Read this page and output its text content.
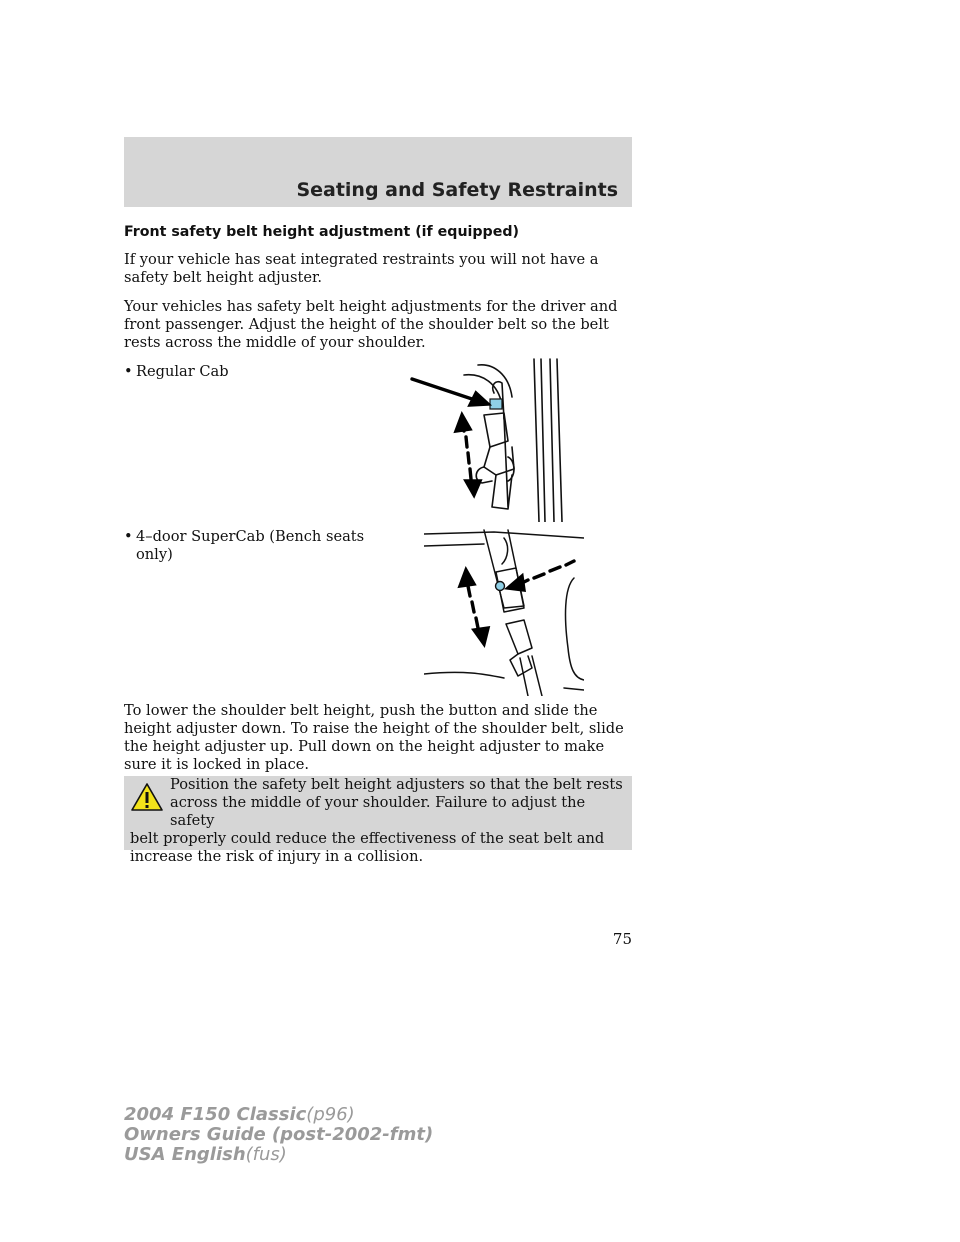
Seating and Safety Restraints
Front safety belt height adjustment (if equipped)

If your vehicle has seat integrated restraints you will not have a safety belt height adjuster.

Your vehicles has safety belt height adjustments for the driver and front passenger. Adjust the height of the shoulder belt so the belt rests across the middle of your shoulder.

• Regular Cab
• 4–door SuperCab (Bench seats only)

To lower the shoulder belt height, push the button and slide the height adjuster down. To raise the height of the shoulder belt, slide the height adjuster up. Pull down on the height adjuster to make sure it is locked in place.

Position the safety belt height adjusters so that the belt rests
across the middle of your shoulder. Failure to adjust the safety
belt properly could reduce the effectiveness of the seat belt and increase the risk of injury in a collision.
75
2004 F150 Classic(p96)
Owners Guide (post-2002-fmt)
USA English(fus)
